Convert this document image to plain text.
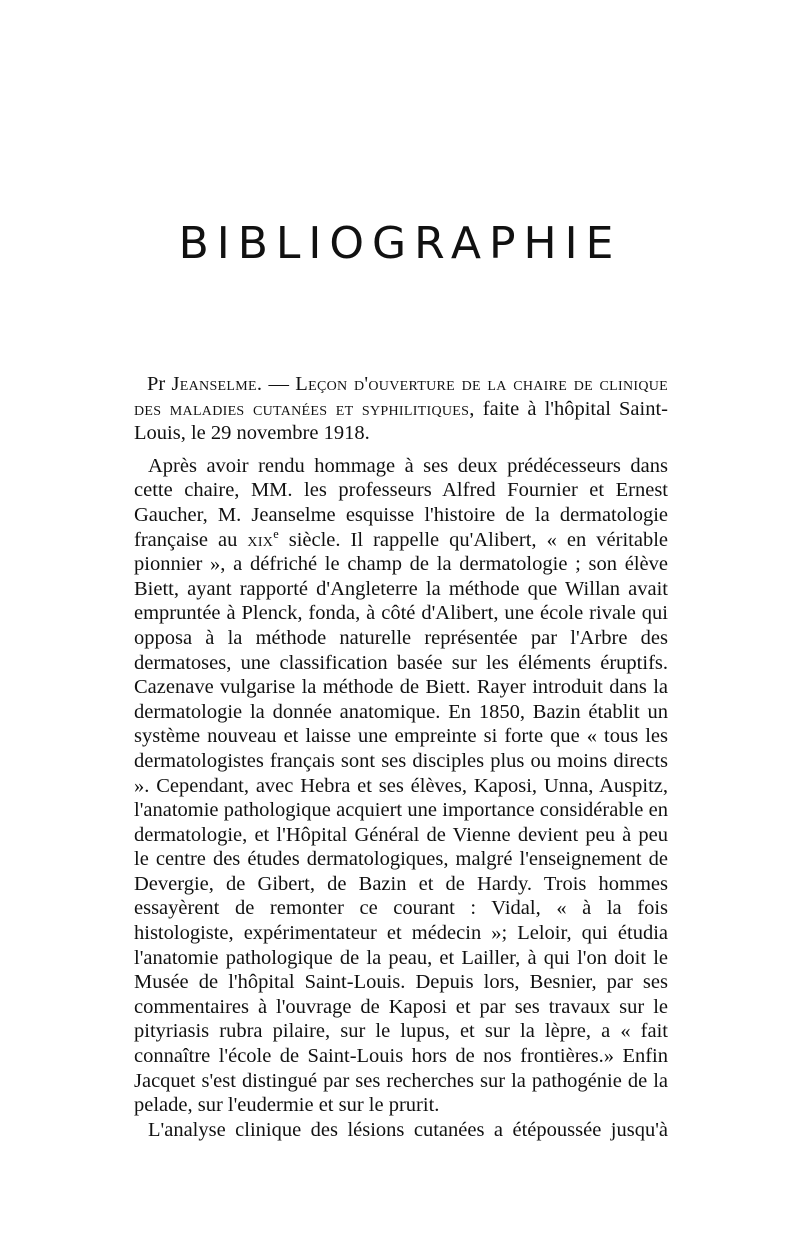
BIBLIOGRAPHIE

Pr Jeanselme. — Leçon d'ouverture de la chaire de clinique des maladies cutanées et syphilitiques, faite à l'hôpital Saint-Louis, le 29 novembre 1918.

Après avoir rendu hommage à ses deux prédécesseurs dans cette chaire, MM. les professeurs Alfred Fournier et Ernest Gaucher, M. Jeanselme esquisse l'histoire de la dermatologie française au xix$^e$ siècle. Il rappelle qu'Alibert, « en véritable pionnier », a défriché le champ de la dermatologie ; son élève Biett, ayant rapporté d'Angleterre la méthode que Willan avait empruntée à Plenck, fonda, à côté d'Alibert, une école rivale qui opposa à la méthode naturelle représentée par l'Arbre des dermatoses, une classification basée sur les éléments éruptifs. Cazenave vulgarise la méthode de Biett. Rayer introduit dans la dermatologie la donnée anatomique. En 1850, Bazin établit un système nouveau et laisse une empreinte si forte que « tous les dermatologistes français sont ses disciples plus ou moins directs ». Cependant, avec Hebra et ses élèves, Kaposi, Unna, Auspitz, l'anatomie pathologique acquiert une importance considérable en dermatologie, et l'Hôpital Général de Vienne devient peu à peu le centre des études dermatologiques, malgré l'enseignement de Devergie, de Gibert, de Bazin et de Hardy. Trois hommes essayèrent de remonter ce courant : Vidal, « à la fois histologiste, expérimentateur et médecin »; Leloir, qui étudia l'anatomie pathologique de la peau, et Lailler, à qui l'on doit le Musée de l'hôpital Saint-Louis. Depuis lors, Besnier, par ses commentaires à l'ouvrage de Kaposi et par ses travaux sur le pityriasis rubra pilaire, sur le lupus, et sur la lèpre, a « fait connaître l'école de Saint-Louis hors de nos frontières.» Enfin Jacquet s'est distingué par ses recherches sur la pathogénie de la pelade, sur l'eudermie et sur le prurit.

L'analyse clinique des lésions cutanées a étépoussée jusqu'à
